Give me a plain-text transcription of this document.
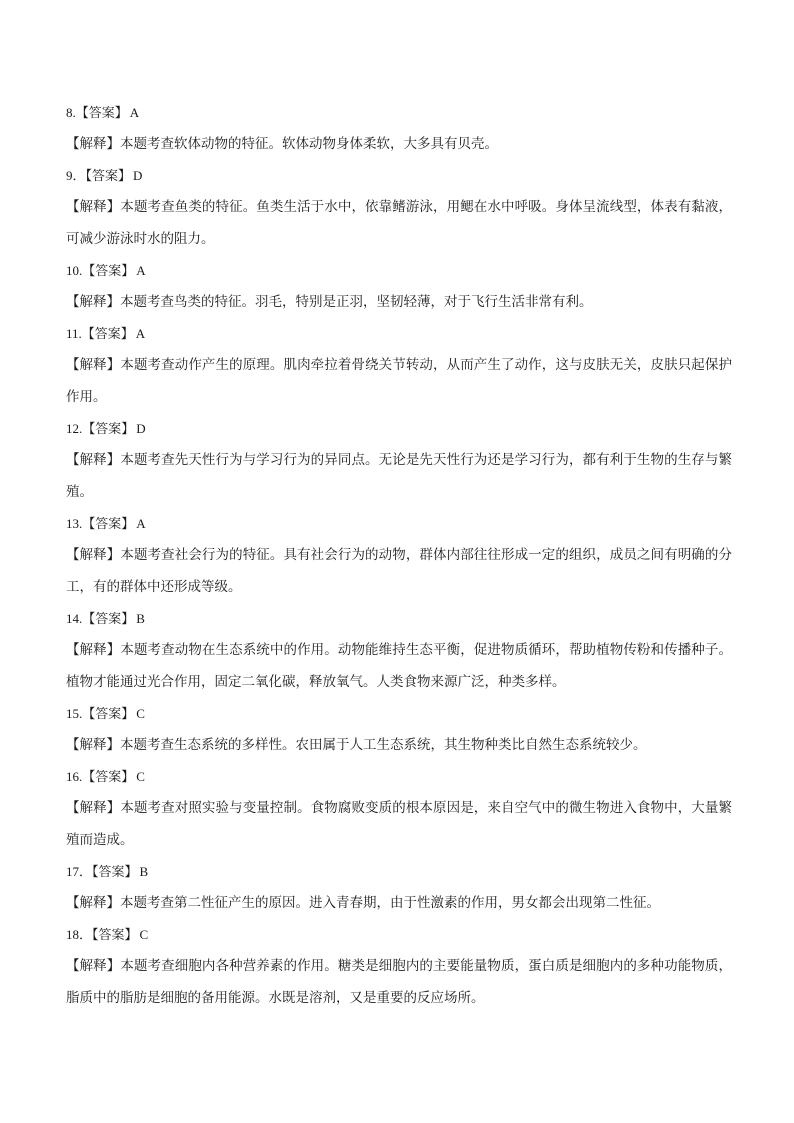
8.【答案】 A
【解释】本题考查软体动物的特征。软体动物身体柔软，大多具有贝壳。
9．【答案】 D
【解释】本题考查鱼类的特征。鱼类生活于水中，依靠鳍游泳，用鳃在水中呼吸。身体呈流线型，体表有黏液，可减少游泳时水的阻力。
10.【答案】 A
【解释】本题考查鸟类的特征。羽毛，特别是正羽，坚韧轻薄，对于飞行生活非常有利。
11.【答案】 A
【解释】本题考查动作产生的原理。肌肉牵拉着骨绕关节转动，从而产生了动作，这与皮肤无关，皮肤只起保护作用。
12.【答案】 D
【解释】本题考查先天性行为与学习行为的异同点。无论是先天性行为还是学习行为，都有利于生物的生存与繁殖。
13.【答案】 A
【解释】本题考查社会行为的特征。具有社会行为的动物，群体内部往往形成一定的组织，成员之间有明确的分工，有的群体中还形成等级。
14.【答案】 B
【解释】本题考查动物在生态系统中的作用。动物能维持生态平衡，促进物质循环，帮助植物传粉和传播种子。植物才能通过光合作用，固定二氧化碳，释放氧气。人类食物来源广泛，种类多样。
15.【答案】 C
【解释】本题考查生态系统的多样性。农田属于人工生态系统，其生物种类比自然生态系统较少。
16.【答案】 C
【解释】本题考查对照实验与变量控制。食物腐败变质的根本原因是，来自空气中的微生物进入食物中，大量繁殖而造成。
17．【答案】 B
【解释】本题考查第二性征产生的原因。进入青春期，由于性激素的作用，男女都会出现第二性征。
18．【答案】 C
【解释】本题考查细胞内各种营养素的作用。糖类是细胞内的主要能量物质，蛋白质是细胞内的多种功能物质，脂质中的脂肪是细胞的备用能源。水既是溶剂，又是重要的反应场所。
